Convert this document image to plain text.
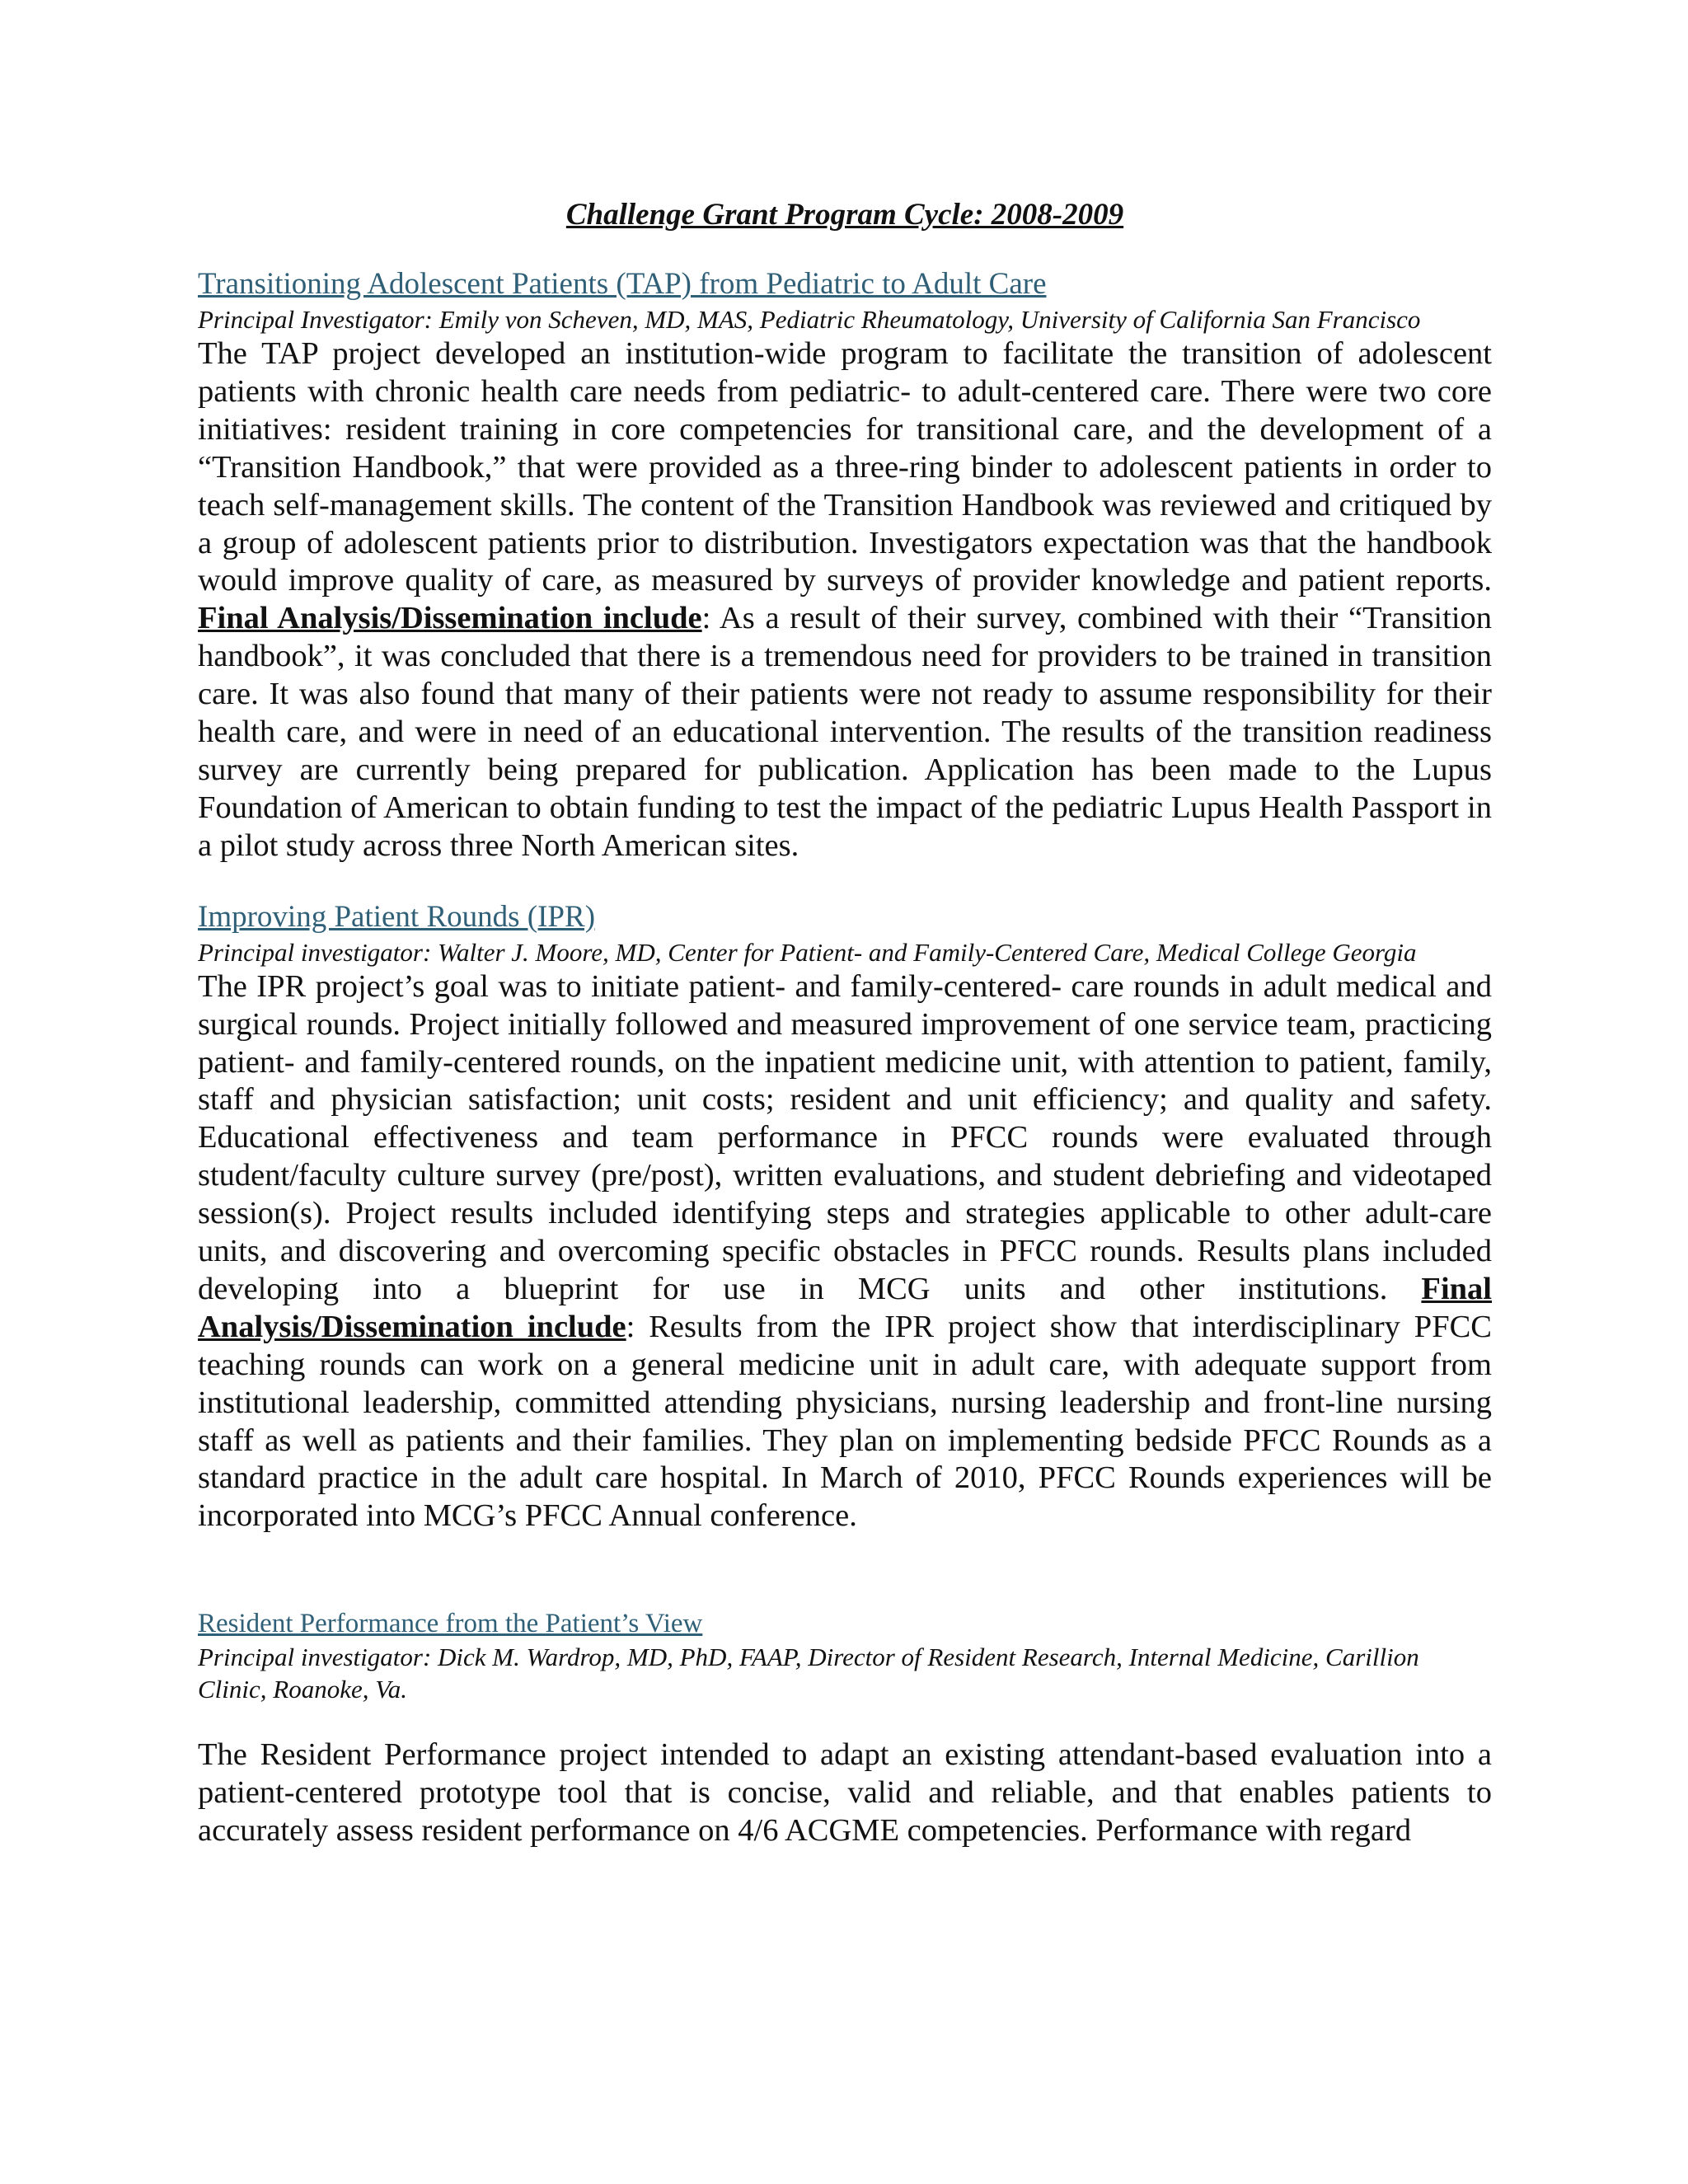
Challenge Grant Program Cycle: 2008-2009
Transitioning Adolescent Patients (TAP) from Pediatric to Adult Care

Principal Investigator: Emily von Scheven, MD, MAS, Pediatric Rheumatology, University of California San Francisco

The TAP project developed an institution-wide program to facilitate the transition of adolescent patients with chronic health care needs from pediatric- to adult-centered care. There were two core initiatives: resident training in core competencies for transitional care, and the development of a “Transition Handbook,” that were provided as a three-ring binder to adolescent patients in order to teach self-management skills. The content of the Transition Handbook was reviewed and critiqued by a group of adolescent patients prior to distribution. Investigators expectation was that the handbook would improve quality of care, as measured by surveys of provider knowledge and patient reports. Final Analysis/Dissemination include: As a result of their survey, combined with their “Transition handbook”, it was concluded that there is a tremendous need for providers to be trained in transition care. It was also found that many of their patients were not ready to assume responsibility for their health care, and were in need of an educational intervention. The results of the transition readiness survey are currently being prepared for publication. Application has been made to the Lupus Foundation of American to obtain funding to test the impact of the pediatric Lupus Health Passport in a pilot study across three North American sites.

Improving Patient Rounds (IPR)

Principal investigator: Walter J. Moore, MD, Center for Patient- and Family-Centered Care, Medical College Georgia

The IPR project’s goal was to initiate patient- and family-centered- care rounds in adult medical and surgical rounds. Project initially followed and measured improvement of one service team, practicing patient- and family-centered rounds, on the inpatient medicine unit, with attention to patient, family, staff and physician satisfaction; unit costs; resident and unit efficiency; and quality and safety. Educational effectiveness and team performance in PFCC rounds were evaluated through student/faculty culture survey (pre/post), written evaluations, and student debriefing and videotaped session(s). Project results included identifying steps and strategies applicable to other adult-care units, and discovering and overcoming specific obstacles in PFCC rounds. Results plans included developing into a blueprint for use in MCG units and other institutions. Final Analysis/Dissemination include: Results from the IPR project show that interdisciplinary PFCC teaching rounds can work on a general medicine unit in adult care, with adequate support from institutional leadership, committed attending physicians, nursing leadership and front-line nursing staff as well as patients and their families. They plan on implementing bedside PFCC Rounds as a standard practice in the adult care hospital. In March of 2010, PFCC Rounds experiences will be incorporated into MCG’s PFCC Annual conference.

Resident Performance from the Patient’s View

Principal investigator: Dick M. Wardrop, MD, PhD, FAAP, Director of Resident Research, Internal Medicine, Carillion Clinic, Roanoke, Va.

The Resident Performance project intended to adapt an existing attendant-based evaluation into a patient-centered prototype tool that is concise, valid and reliable, and that enables patients to accurately assess resident performance on 4/6 ACGME competencies. Performance with regard
